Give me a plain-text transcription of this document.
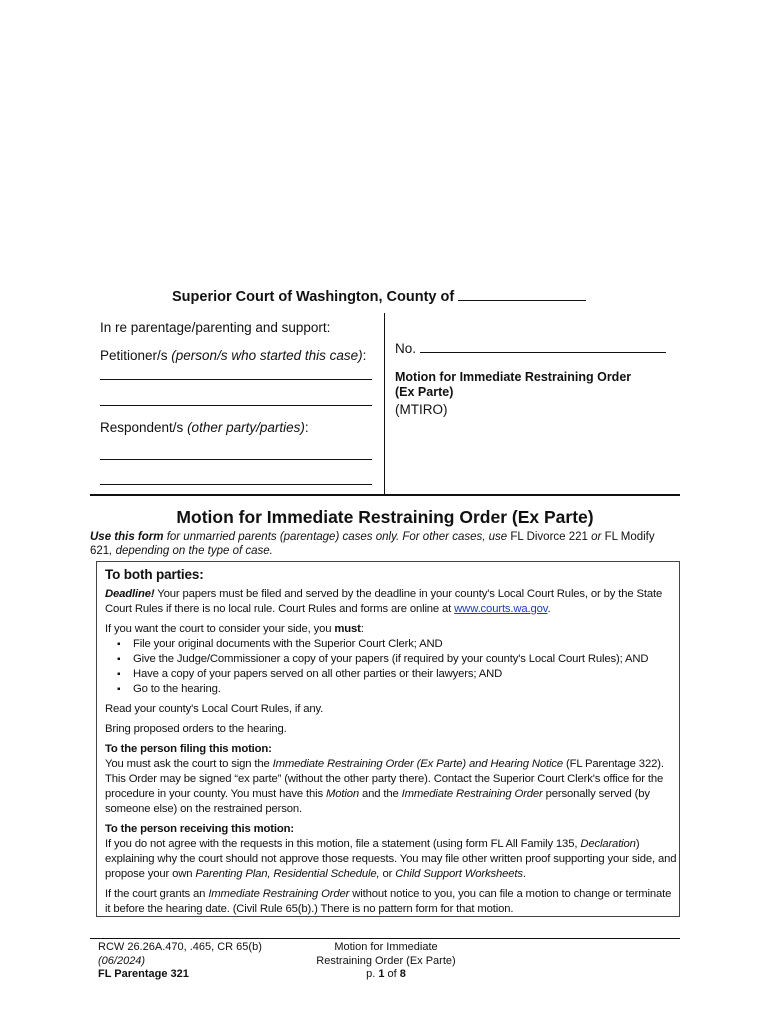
Superior Court of Washington, County of
In re parentage/parenting and support:
Petitioner/s (person/s who started this case):
Respondent/s (other party/parties):
No.
Motion for Immediate Restraining Order
(Ex Parte)
(MTIRO)
Motion for Immediate Restraining Order (Ex Parte)
Use this form for unmarried parents (parentage) cases only. For other cases, use FL Divorce 221 or FL Modify 621, depending on the type of case.

To both parties:

Deadline! Your papers must be filed and served by the deadline in your county's Local Court Rules, or by the State Court Rules if there is no local rule. Court Rules and forms are online at www.courts.wa.gov.

If you want the court to consider your side, you must:

▪ File your original documents with the Superior Court Clerk; AND
▪ Give the Judge/Commissioner a copy of your papers (if required by your county's Local Court Rules); AND
▪ Have a copy of your papers served on all other parties or their lawyers; AND
▪ Go to the hearing.

Read your county's Local Court Rules, if any.

Bring proposed orders to the hearing.

To the person filing this motion:

You must ask the court to sign the Immediate Restraining Order (Ex Parte) and Hearing Notice (FL Parentage 322). This Order may be signed “ex parte” (without the other party there). Contact the Superior Court Clerk's office for the procedure in your county. You must have this Motion and the Immediate Restraining Order personally served (by someone else) on the restrained person.

To the person receiving this motion:

If you do not agree with the requests in this motion, file a statement (using form FL All Family 135, Declaration) explaining why the court should not approve those requests. You may file other written proof supporting your side, and propose your own Parenting Plan, Residential Schedule, or Child Support Worksheets.

If the court grants an Immediate Restraining Order without notice to you, you can file a motion to change or terminate it before the hearing date. (Civil Rule 65(b).) There is no pattern form for that motion.

RCW 26.26A.470, .465, CR 65(b)
(06/2024)
FL Parentage 321
Motion for Immediate
Restraining Order (Ex Parte)
p. 1 of 8
